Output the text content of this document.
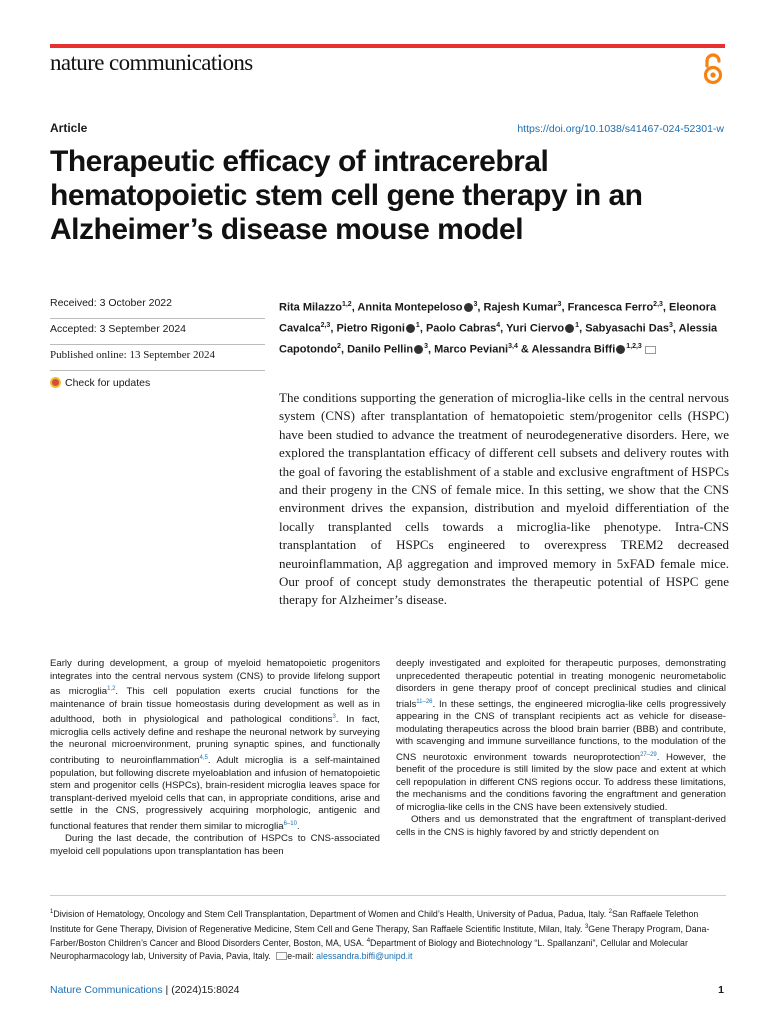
nature communications
Article	https://doi.org/10.1038/s41467-024-52301-w
Therapeutic efficacy of intracerebral hematopoietic stem cell gene therapy in an Alzheimer’s disease mouse model
Received: 3 October 2022
Accepted: 3 September 2024
Published online: 13 September 2024
Check for updates
Rita Milazzo$^{1,2}$, Annita Montepeloso $^3$, Rajesh Kumar$^3$, Francesca Ferro$^{2,3}$, Eleonora Cavalca$^{2,3}$, Pietro Rigoni $^1$, Paolo Cabras$^4$, Yuri Ciervo $^1$, Sabyasachi Das$^3$, Alessia Capotondo$^2$, Danilo Pellin $^3$, Marco Peviani$^{3,4}$ & Alessandra Biffi $^{1,2,3}$

The conditions supporting the generation of microglia-like cells in the central nervous system (CNS) after transplantation of hematopoietic stem/progenitor cells (HSPC) have been studied to advance the treatment of neurodegenerative disorders. Here, we explored the transplantation efficacy of different cell subsets and delivery routes with the goal of favoring the establishment of a stable and exclusive engraftment of HSPCs and their progeny in the CNS of female mice. In this setting, we show that the CNS environment drives the expansion, distribution and myeloid differentiation of the locally transplanted cells towards a microglia-like phenotype. Intra-CNS transplantation of HSPCs engineered to overexpress TREM2 decreased neuroinflammation, Aβ aggregation and improved memory in 5xFAD female mice. Our proof of concept study demonstrates the therapeutic potential of HSPC gene therapy for Alzheimer’s disease.

Early during development, a group of myeloid hematopoietic progenitors integrates into the central nervous system (CNS) to provide lifelong support as microglia$^{1,2}$. This cell population exerts crucial functions for the maintenance of brain tissue homeostasis during development as well as in adulthood, both in physiological and pathological conditions$^3$. In fact, microglia cells actively define and reshape the neuronal network by surveying the neuronal microenvironment, pruning synaptic spines, and functionally contributing to neuroinflammation$^{4,5}$. Adult microglia is a self-maintained population, but following discrete myeloablation and infusion of hematopoietic stem and progenitor cells (HSPCs), brain-resident microglia leaves space for transplant-derived myeloid cells that can, in appropriate conditions, arise and settle in the CNS, progressively acquiring morphologic, antigenic and functional features that render them similar to microglia$^{6-10}$.

During the last decade, the contribution of HSPCs to CNS-associated myeloid cell populations upon transplantation has been

deeply investigated and exploited for therapeutic purposes, demonstrating unprecedented therapeutic potential in treating monogenic neurometabolic disorders in gene therapy proof of concept preclinical studies and clinical trials$^{11-26}$. In these settings, the engineered microglia-like cells progressively appearing in the CNS of transplant recipients act as vehicle for disease-modulating therapeutics across the blood brain barrier (BBB) and contribute, with scavenging and immune surveillance functions, to the modulation of the CNS neurotoxic environment towards neuroprotection$^{27-29}$. However, the benefit of the procedure is still limited by the slow pace and extent at which cell repopulation in different CNS regions occur. To address these limitations, the mechanisms and the conditions favoring the engraftment and generation of microglia-like cells in the CNS have been extensively studied.

Others and us demonstrated that the engraftment of transplant-derived cells in the CNS is highly favored by and strictly dependent on

$^1$Division of Hematology, Oncology and Stem Cell Transplantation, Department of Women and Child’s Health, University of Padua, Padua, Italy. $^2$San Raffaele Telethon Institute for Gene Therapy, Division of Regenerative Medicine, Stem Cell and Gene Therapy, San Raffaele Scientific Institute, Milan, Italy. $^3$Gene Therapy Program, Dana-Farber/Boston Children’s Cancer and Blood Disorders Center, Boston, MA, USA. $^4$Department of Biology and Biotechnology “L. Spallanzani”, Cellular and Molecular Neuropharmacology lab, University of Pavia, Pavia, Italy. e-mail: alessandra.biffi@unipd.it

Nature Communications | (2024)15:8024	1
